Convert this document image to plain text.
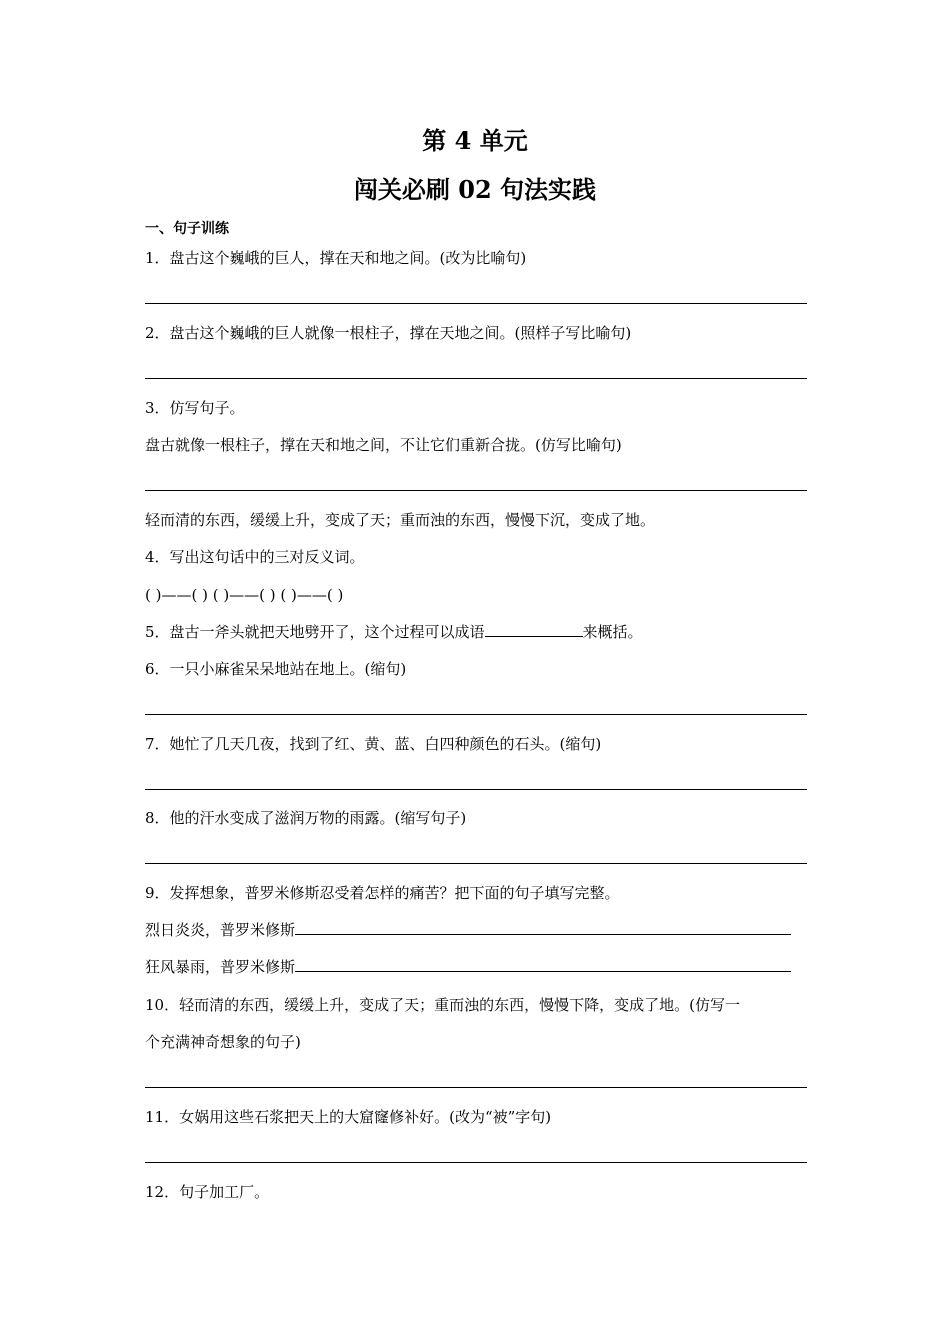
第 4 单元
闯关必刷 02 句法实践
一、句子训练
1．盘古这个巍峨的巨人，撑在天和地之间。(改为比喻句)
2．盘古这个巍峨的巨人就像一根柱子，撑在天地之间。(照样子写比喻句)
3．仿写句子。
盘古就像一根柱子，撑在天和地之间，不让它们重新合拢。(仿写比喻句)
轻而清的东西，缓缓上升，变成了天；重而浊的东西，慢慢下沉，变成了地。
4．写出这句话中的三对反义词。
( )——( ) ( )——( ) ( )——( )
5．盘古一斧头就把天地劈开了，这个过程可以成语	来概括。
6．一只小麻雀呆呆地站在地上。(缩句)
7．她忙了几天几夜，找到了红、黄、蓝、白四种颜色的石头。(缩句)
8．他的汗水变成了滋润万物的雨露。(缩写句子)
9．发挥想象，普罗米修斯忍受着怎样的痛苦？把下面的句子填写完整。
烈日炎炎，普罗米修斯
狂风暴雨，普罗米修斯
10．轻而清的东西，缓缓上升，变成了天；重而浊的东西，慢慢下降，变成了地。(仿写一
个充满神奇想象的句子)
11．女娲用这些石浆把天上的大窟窿修补好。(改为“被”字句)
12．句子加工厂。
